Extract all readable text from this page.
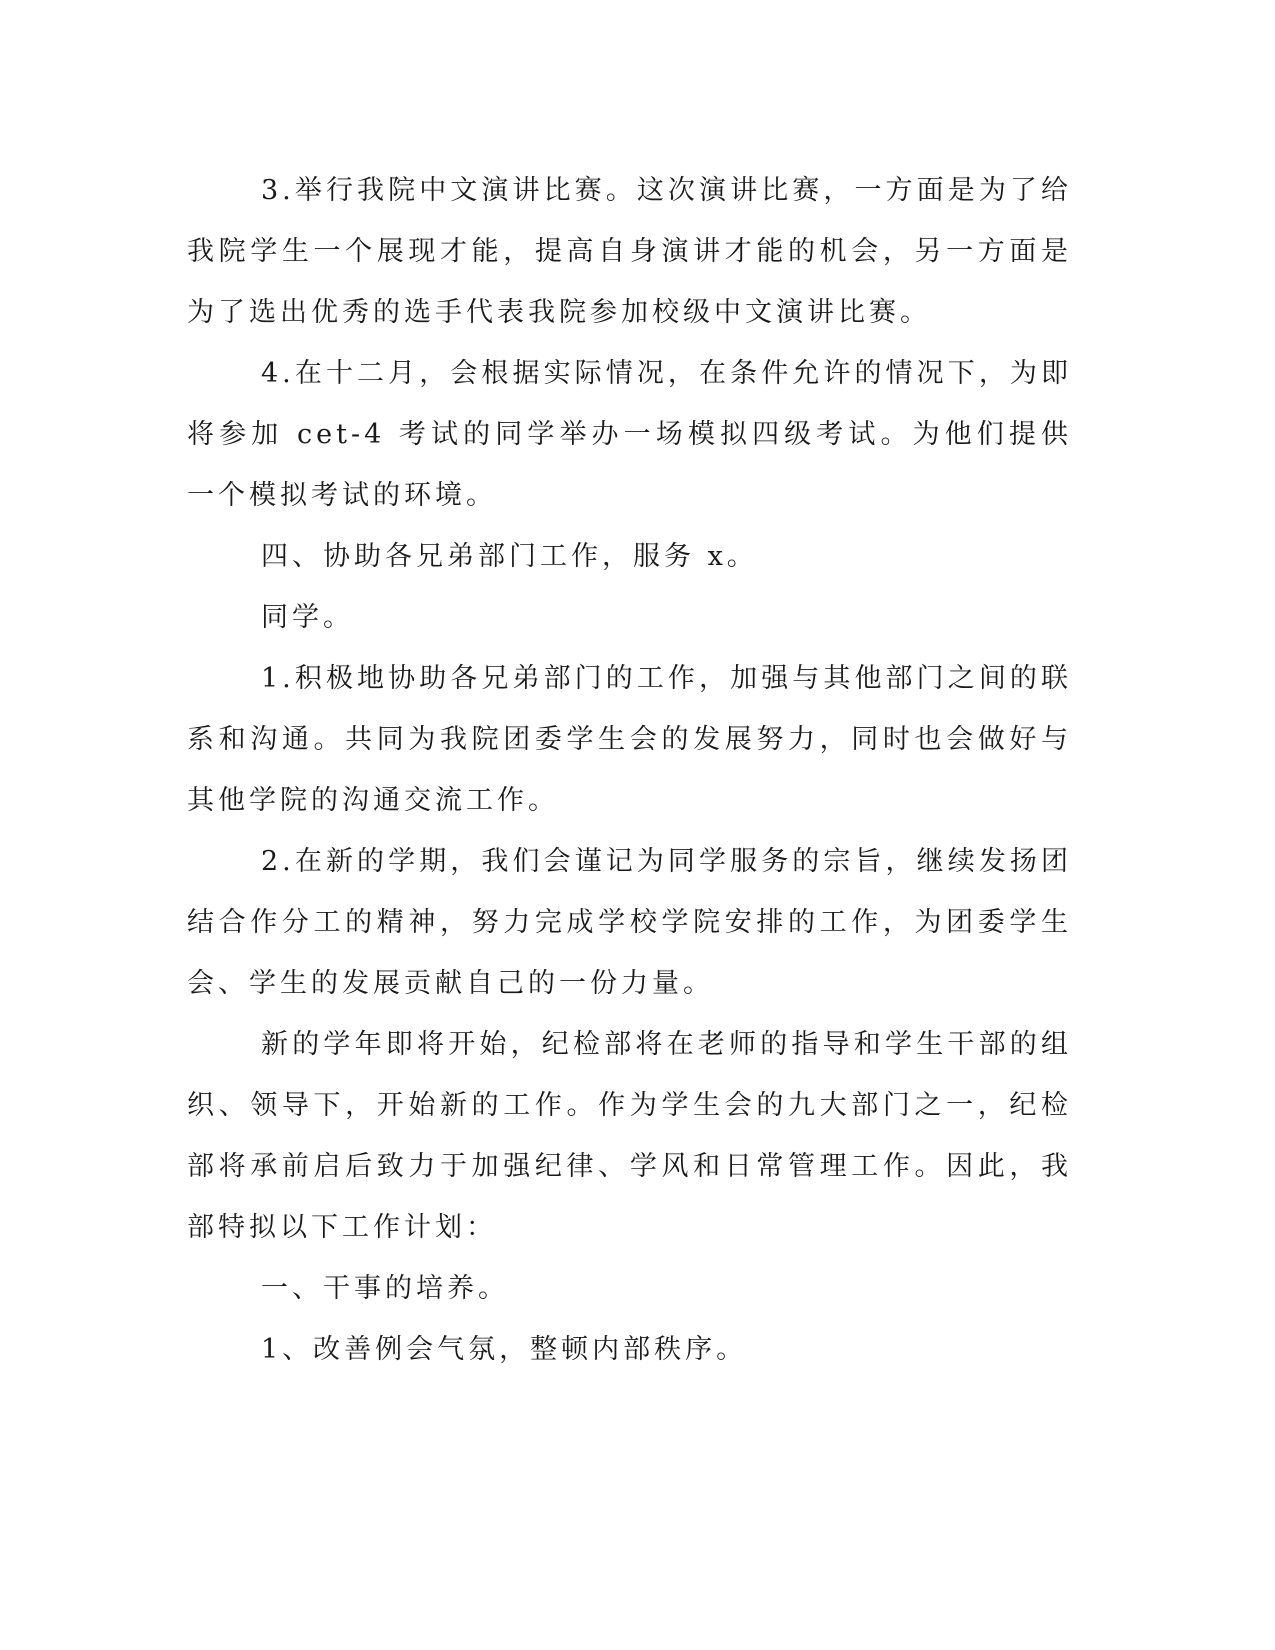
3.举行我院中文演讲比赛。这次演讲比赛，一方面是为了给我院学生一个展现才能，提高自身演讲才能的机会，另一方面是为了选出优秀的选手代表我院参加校级中文演讲比赛。

4.在十二月，会根据实际情况，在条件允许的情况下，为即将参加 cet-4 考试的同学举办一场模拟四级考试。为他们提供一个模拟考试的环境。

四、协助各兄弟部门工作，服务 x。

同学。

1.积极地协助各兄弟部门的工作，加强与其他部门之间的联系和沟通。共同为我院团委学生会的发展努力，同时也会做好与其他学院的沟通交流工作。

2.在新的学期，我们会谨记为同学服务的宗旨，继续发扬团结合作分工的精神，努力完成学校学院安排的工作，为团委学生会、学生的发展贡献自己的一份力量。

新的学年即将开始，纪检部将在老师的指导和学生干部的组织、领导下，开始新的工作。作为学生会的九大部门之一，纪检部将承前启后致力于加强纪律、学风和日常管理工作。因此，我部特拟以下工作计划：

一、干事的培养。

1、改善例会气氛，整顿内部秩序。
